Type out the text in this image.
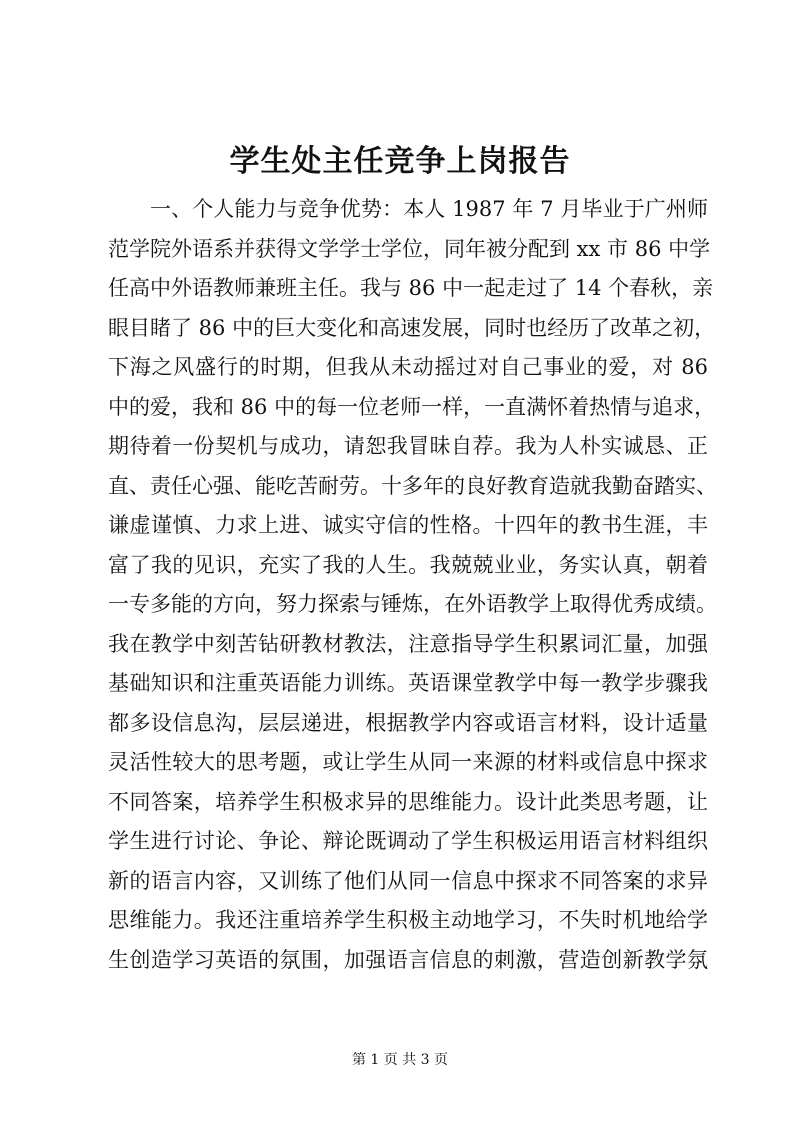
学生处主任竞争上岗报告
一、个人能力与竞争优势：本人 1987 年 7 月毕业于广州师
范学院外语系并获得文学学士学位，同年被分配到 xx 市 86 中学
任高中外语教师兼班主任。我与 86 中一起走过了 14 个春秋，亲
眼目睹了 86 中的巨大变化和高速发展，同时也经历了改革之初，
下海之风盛行的时期，但我从未动摇过对自己事业的爱，对 86
中的爱，我和 86 中的每一位老师一样，一直满怀着热情与追求，
期待着一份契机与成功，请恕我冒昧自荐。我为人朴实诚恳、正
直、责任心强、能吃苦耐劳。十多年的良好教育造就我勤奋踏实、
谦虚谨慎、力求上进、诚实守信的性格。十四年的教书生涯，丰
富了我的见识，充实了我的人生。我兢兢业业，务实认真，朝着
一专多能的方向，努力探索与锤炼，在外语教学上取得优秀成绩。
我在教学中刻苦钻研教材教法，注意指导学生积累词汇量，加强
基础知识和注重英语能力训练。英语课堂教学中每一教学步骤我
都多设信息沟，层层递进，根据教学内容或语言材料，设计适量
灵活性较大的思考题，或让学生从同一来源的材料或信息中探求
不同答案，培养学生积极求异的思维能力。设计此类思考题，让
学生进行讨论、争论、辩论既调动了学生积极运用语言材料组织
新的语言内容，又训练了他们从同一信息中探求不同答案的求异
思维能力。我还注重培养学生积极主动地学习，不失时机地给学
生创造学习英语的氛围，加强语言信息的刺激，营造创新教学氛
第 1 页 共 3 页
